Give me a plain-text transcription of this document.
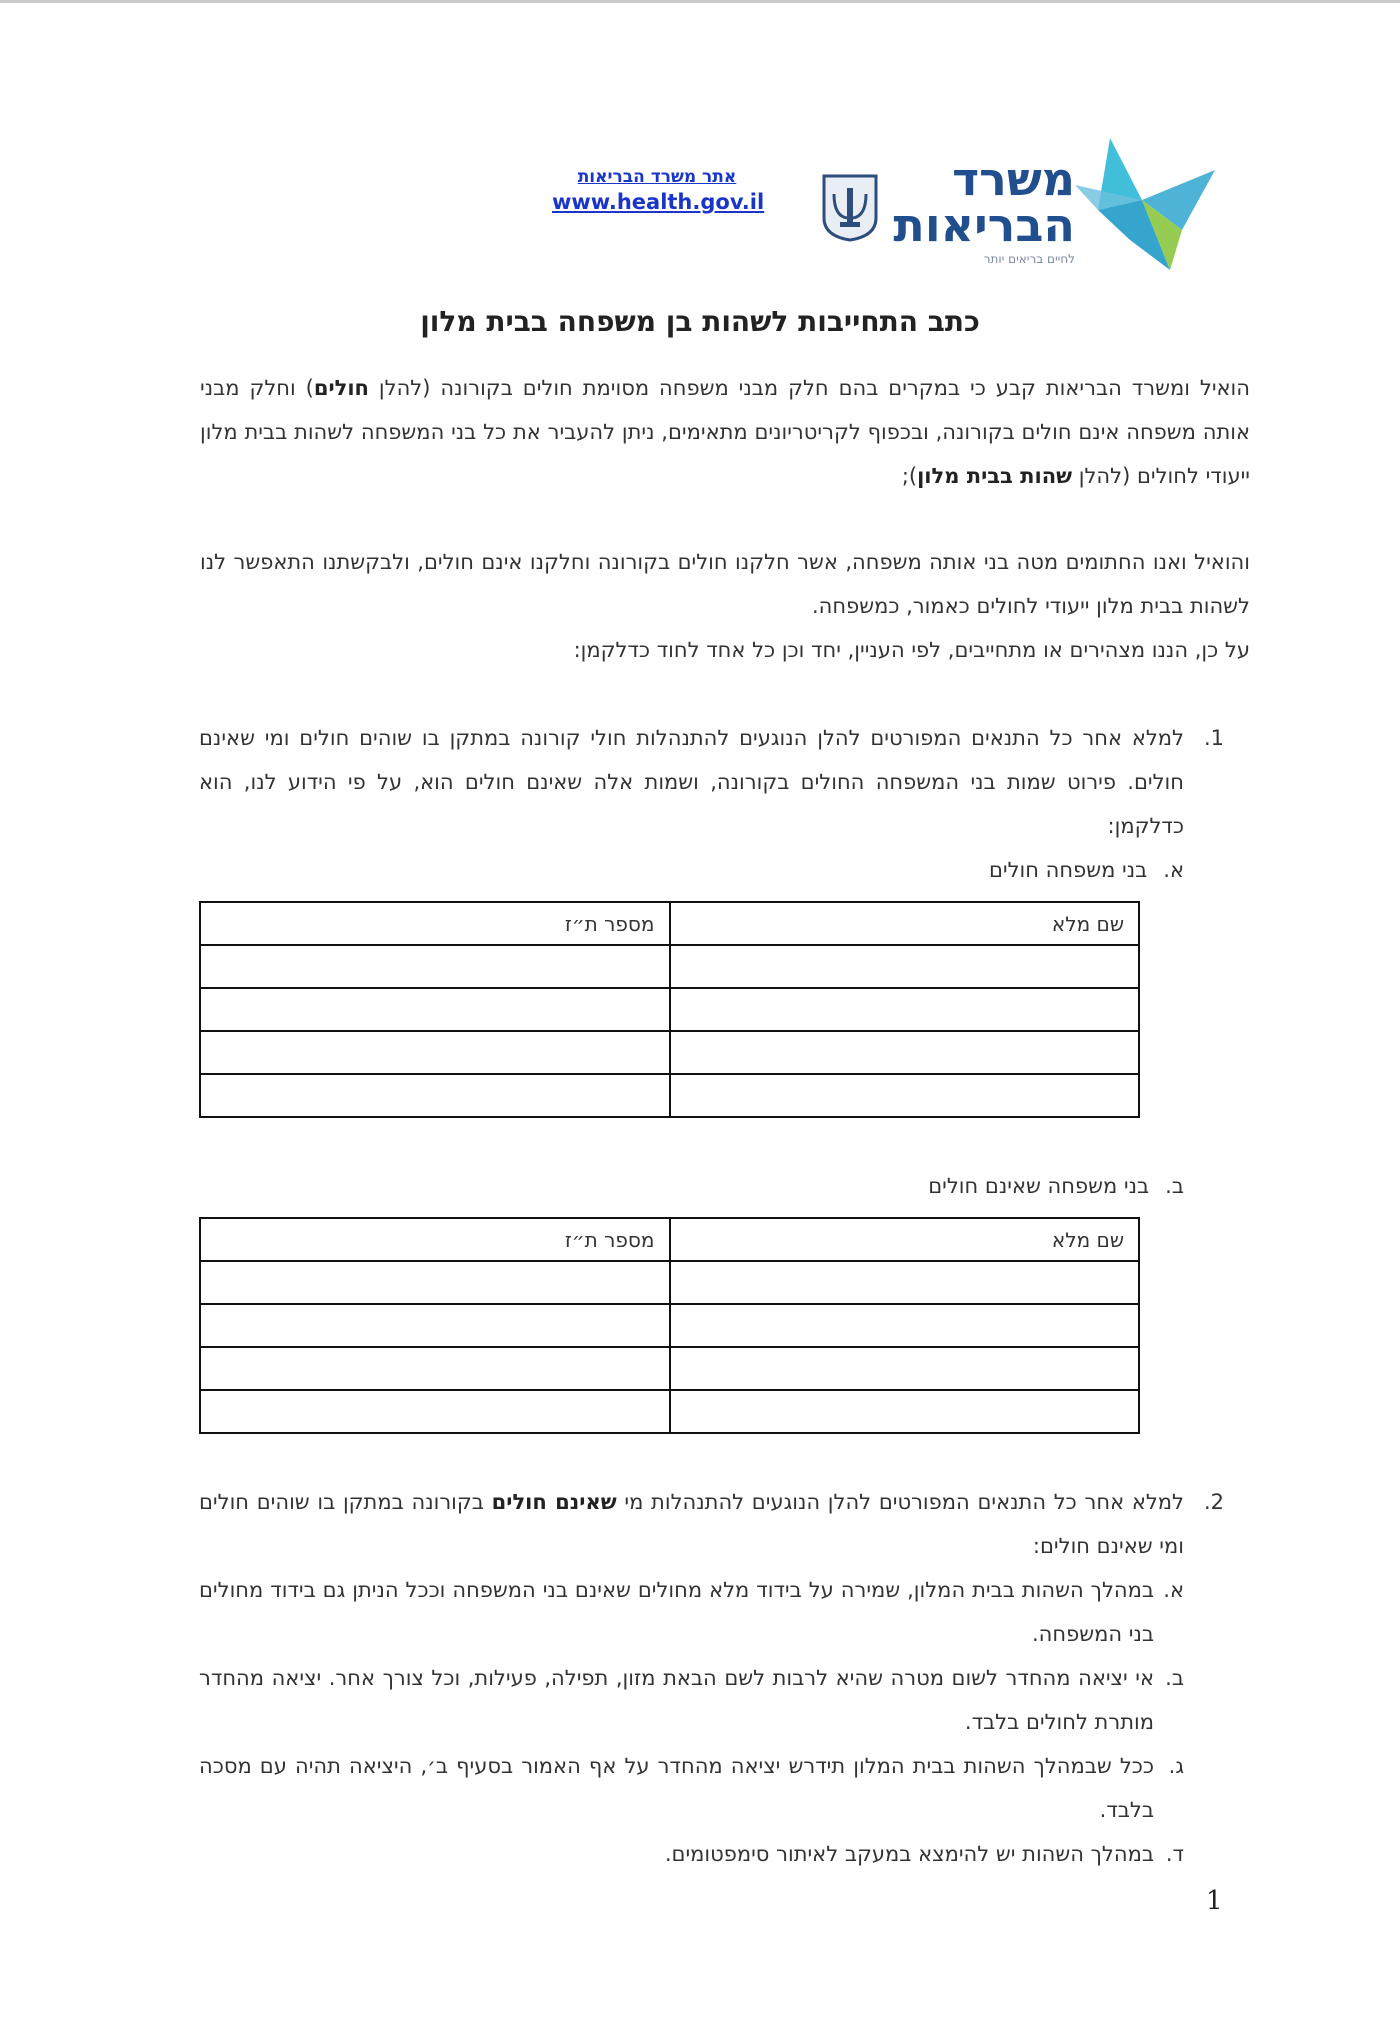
משרד
הבריאות
לחיים בריאים יותר
אתר משרד הבריאות
www.health.gov.il
כתב התחייבות לשהות בן משפחה בבית מלון
הואיל ומשרד הבריאות קבע כי במקרים בהם חלק מבני משפחה מסוימת חולים בקורונה (להלן חולים) וחלק מבני אותה משפחה אינם חולים בקורונה, ובכפוף לקריטריונים מתאימים, ניתן להעביר את כל בני המשפחה לשהות בבית מלון ייעודי לחולים (להלן שהות בבית מלון);
והואיל ואנו החתומים מטה בני אותה משפחה, אשר חלקנו חולים בקורונה וחלקנו אינם חולים, ולבקשתנו התאפשר לנו לשהות בבית מלון ייעודי לחולים כאמור, כמשפחה.
על כן, הננו מצהירים או מתחייבים, לפי העניין, יחד וכן כל אחד לחוד כדלקמן:
1.
למלא אחר כל התנאים המפורטים להלן הנוגעים להתנהלות חולי קורונה במתקן בו שוהים חולים ומי שאינם חולים. פירוט שמות בני המשפחה החולים בקורונה, ושמות אלה שאינם חולים הוא, על פי הידוע לנו, הוא כדלקמן:
א.בני משפחה חולים
שם מלא	מספר ת״ז

ב.בני משפחה שאינם חולים
שם מלא	מספר ת״ז

2.
למלא אחר כל התנאים המפורטים להלן הנוגעים להתנהלות מי שאינם חולים בקורונה במתקן בו שוהים חולים ומי שאינם חולים:
א.
במהלך השהות בבית המלון, שמירה על בידוד מלא מחולים שאינם בני המשפחה וככל הניתן גם בידוד מחולים בני המשפחה.
ב.
אי יציאה מהחדר לשום מטרה שהיא לרבות לשם הבאת מזון, תפילה, פעילות, וכל צורך אחר. יציאה מהחדר מותרת לחולים בלבד.
ג.
ככל שבמהלך השהות בבית המלון תידרש יציאה מהחדר על אף האמור בסעיף ב׳, היציאה תהיה עם מסכה בלבד.
ד.
במהלך השהות יש להימצא במעקב לאיתור סימפטומים.
1
